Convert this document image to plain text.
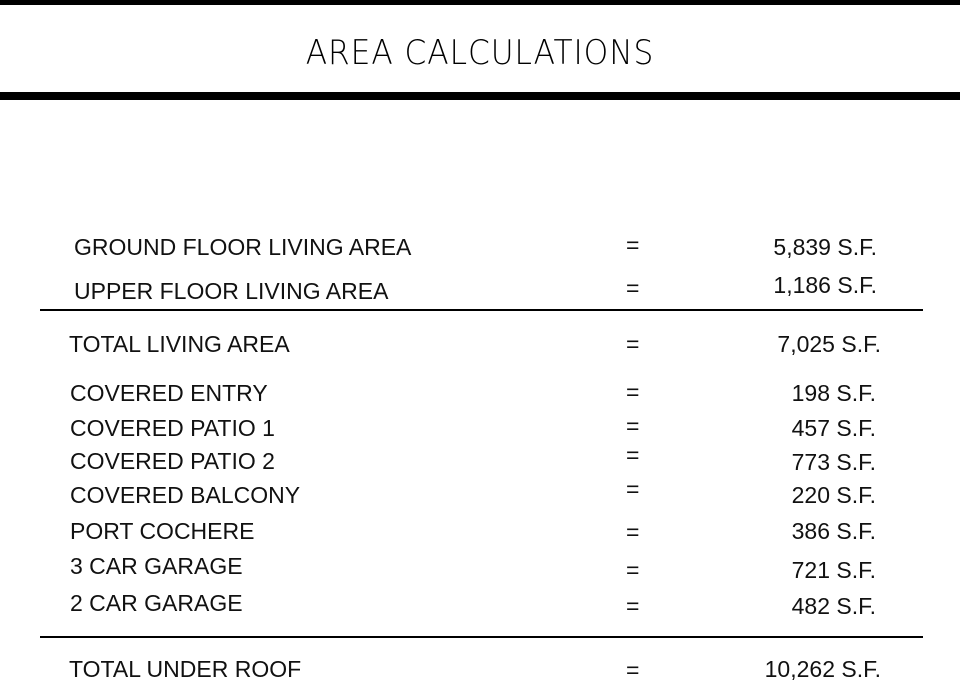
AREA CALCULATIONS
GROUND FLOOR LIVING AREA	=	5,839 S.F.
UPPER FLOOR LIVING AREA	=	1,186 S.F.
TOTAL LIVING AREA	=	7,025 S.F.
COVERED ENTRY	=	198 S.F.
COVERED PATIO 1	=	457 S.F.
COVERED PATIO 2	=	773 S.F.
COVERED BALCONY	=	220 S.F.
PORT COCHERE	=	386 S.F.
3 CAR GARAGE	=	721 S.F.
2 CAR GARAGE	=	482 S.F.
TOTAL UNDER ROOF	=	10,262 S.F.
